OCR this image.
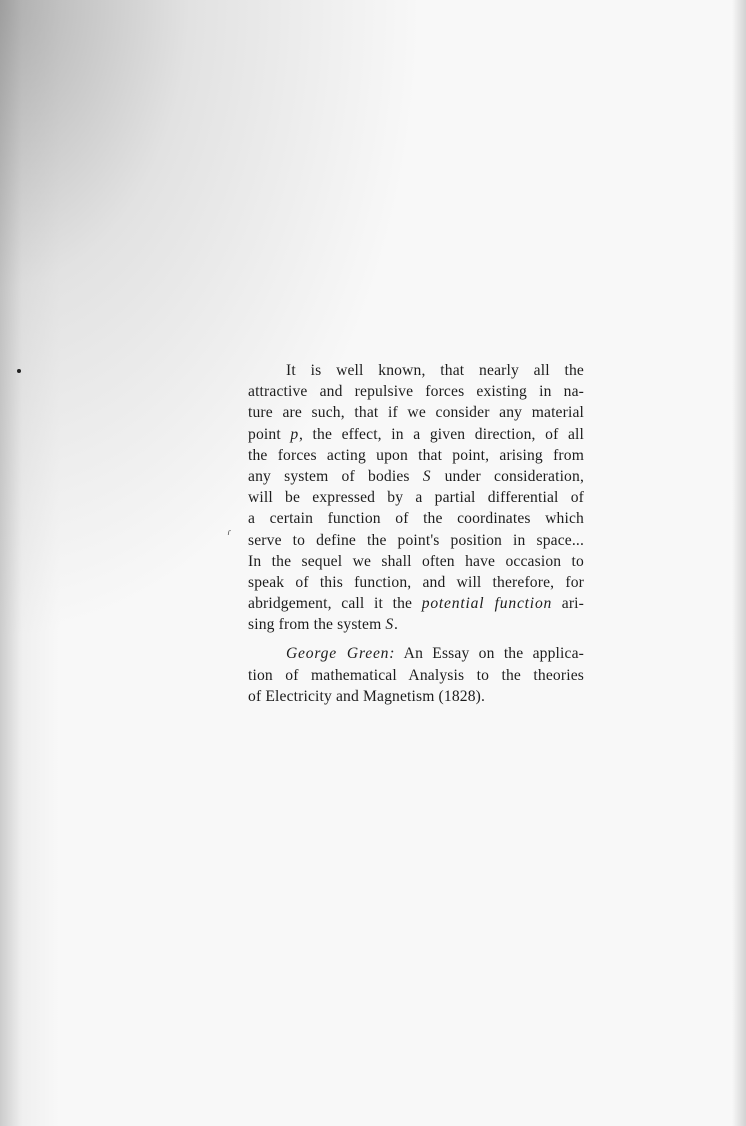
ɾ
It is well known, that nearly all the
attractive and repulsive forces existing in na-
ture are such, that if we consider any material
point p, the effect, in a given direction, of all
the forces acting upon that point, arising from
any system of bodies S under consideration,
will be expressed by a partial differential of
a certain function of the coordinates which
serve to define the point's position in space...
In the sequel we shall often have occasion to
speak of this function, and will therefore, for
abridgement, call it the potential function ari-
sing from the system S.
George Green: An Essay on the applica-
tion of mathematical Analysis to the theories
of Electricity and Magnetism (1828).
